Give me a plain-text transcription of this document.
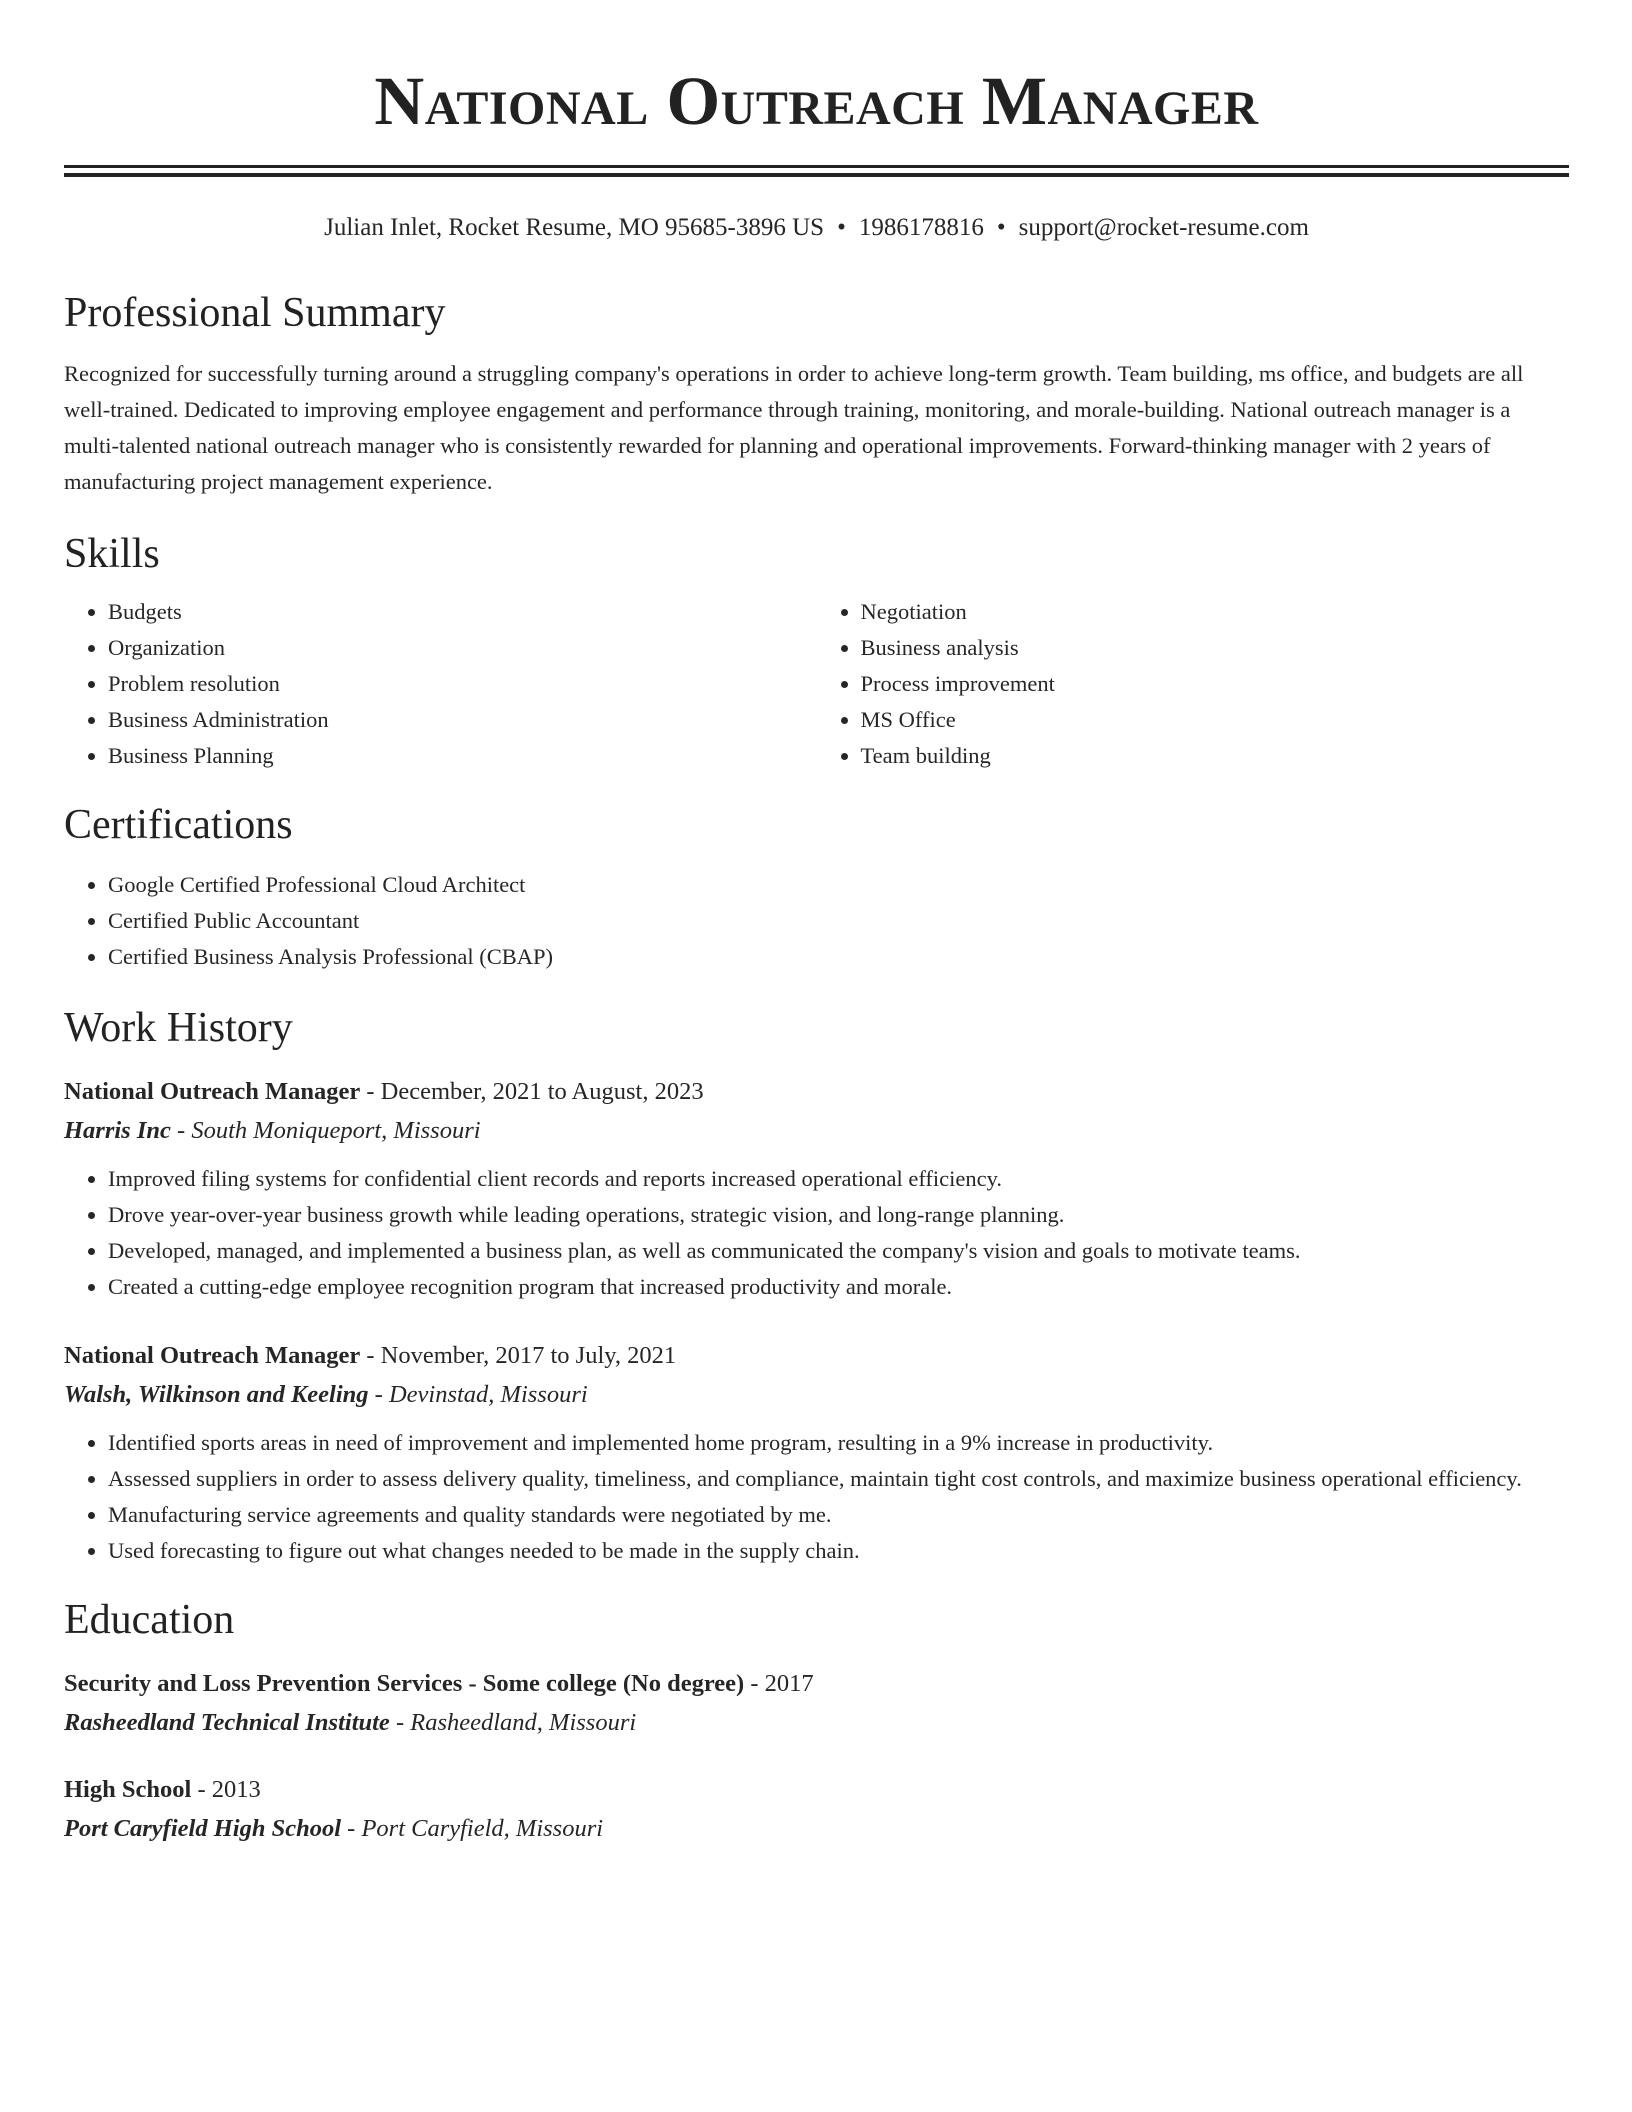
National Outreach Manager
Julian Inlet, Rocket Resume, MO 95685-3896 US • 1986178816 • support@rocket-resume.com
Professional Summary

Recognized for successfully turning around a struggling company's operations in order to achieve long-term growth. Team building, ms office, and budgets are all well-trained. Dedicated to improving employee engagement and performance through training, monitoring, and morale-building. National outreach manager is a multi-talented national outreach manager who is consistently rewarded for planning and operational improvements. Forward-thinking manager with 2 years of manufacturing project management experience.

Skills
• Budgets
• Organization
• Problem resolution
• Business Administration
• Business Planning
• Negotiation
• Business analysis
• Process improvement
• MS Office
• Team building
Certifications
• Google Certified Professional Cloud Architect
• Certified Public Accountant
• Certified Business Analysis Professional (CBAP)
Work History
National Outreach Manager - December, 2021 to August, 2023
Harris Inc - South Moniqueport, Missouri
• Improved filing systems for confidential client records and reports increased operational efficiency.
• Drove year-over-year business growth while leading operations, strategic vision, and long-range planning.
• Developed, managed, and implemented a business plan, as well as communicated the company's vision and goals to motivate teams.
• Created a cutting-edge employee recognition program that increased productivity and morale.
National Outreach Manager - November, 2017 to July, 2021
Walsh, Wilkinson and Keeling - Devinstad, Missouri
• Identified sports areas in need of improvement and implemented home program, resulting in a 9% increase in productivity.
• Assessed suppliers in order to assess delivery quality, timeliness, and compliance, maintain tight cost controls, and maximize business operational efficiency.
• Manufacturing service agreements and quality standards were negotiated by me.
• Used forecasting to figure out what changes needed to be made in the supply chain.
Education
Security and Loss Prevention Services - Some college (No degree) - 2017
Rasheedland Technical Institute - Rasheedland, Missouri
High School - 2013
Port Caryfield High School - Port Caryfield, Missouri
